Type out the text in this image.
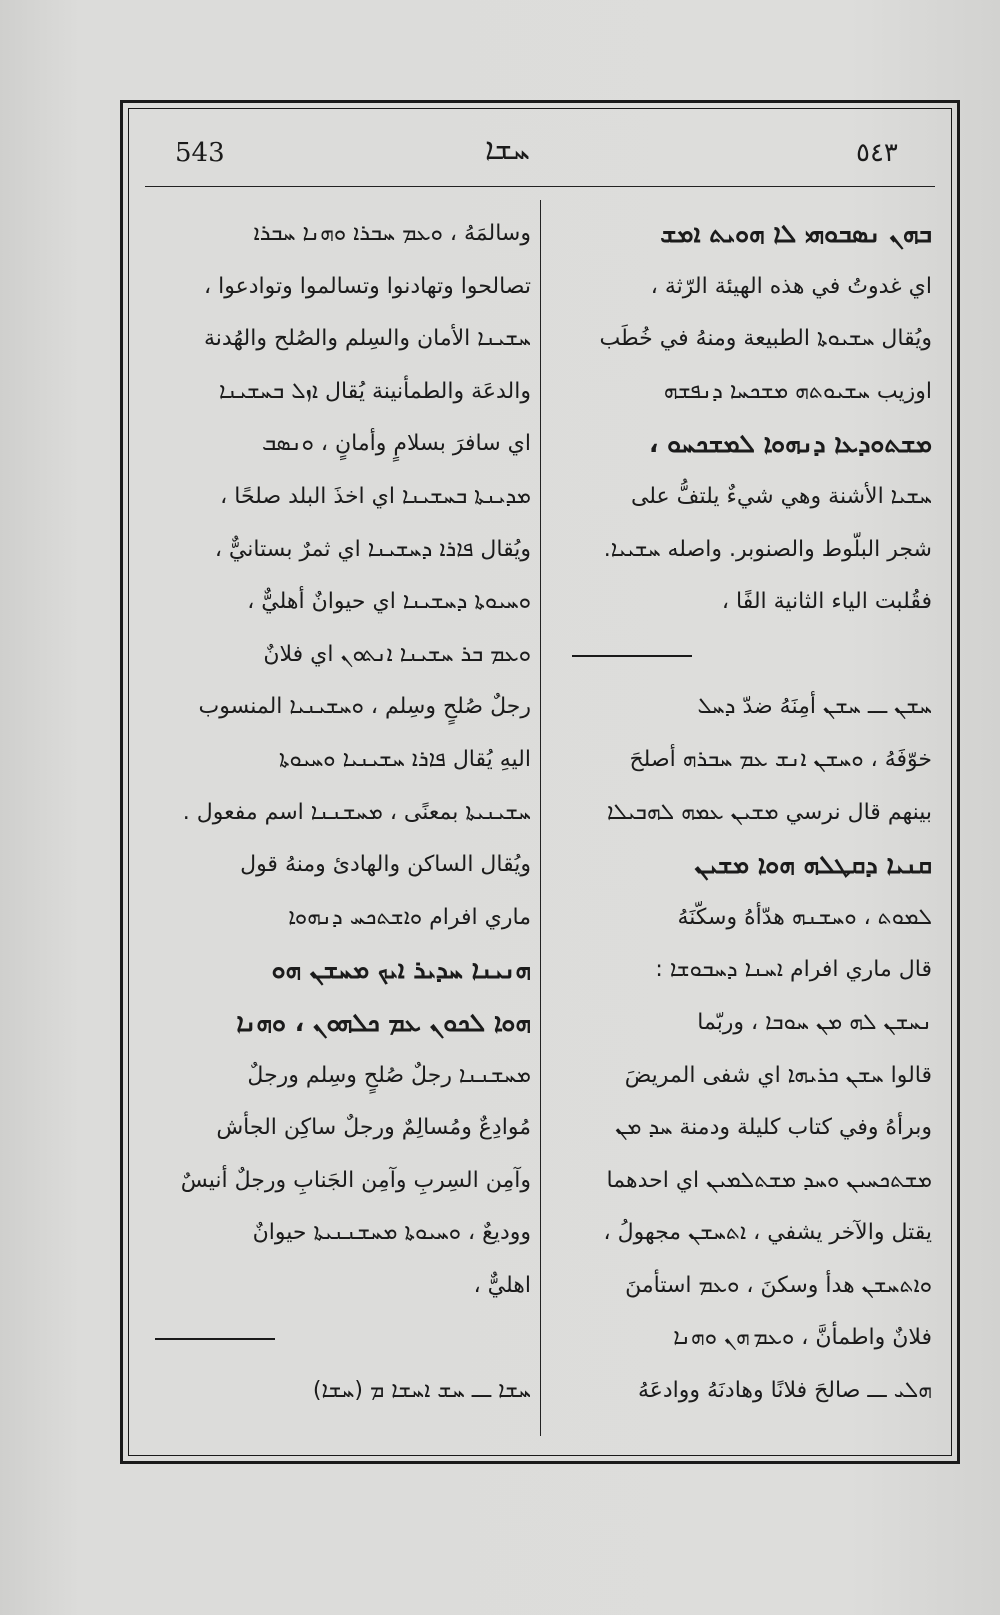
543	ܚܫܐ	٥٤٣
ܒܗܢ ܢܣܒܘܗܝ ܠܐ ܗܘܝܬ ܐܡܫ
اي غدوتُ في هذه الهيئة الرّثة ،
ويُقال ܚܫܝܘܬܐ الطبيعة ومنهُ في خُطَب
اوزيب ܚܫܝܘܬܗ ܡܫܟܚܐ ܕܢܦܫܗ
ܡܫܬܘܕܥܐ ܕܢܗܘܐ ܠܡܫܟܚܘ ،
ܚܫܝܐ الأشنة وهي شيءٌ يلتفُّ على
شجر البلّوط والصنوبر. واصله ܚܫܝܝܐ.
فقُلبت الياء الثانية الفًا ،
ܚܫܢ ـــ ܚܫܢ أمِنَهُ ضدّ ܕܚܠ
خوّفَهُ ، ܘܚܫܢ ܐܢܫ ܥܡ ܚܒܪܗ أصلحَ
بينهم قال نرسي ܡܫܝܢ ܥܡܗ ܠܗܒܝܠܐ
ܩܢܝܐ ܕܩܛܠܗ ܗܘܐ ܡܫܝܢ
ܠܡܘܬ ، ܘܚܫܢܗ هدّأهُ وسكّنَهُ
قال ماري افرام ܐܚܢܐ ܕܚܒܘܫܐ :
ܢܚܫܢ ܠܗ ܡܢ ܚܘܒܐ ، وربّما
قالوا ܚܫܢ ܟܪܝܗܐ اي شفى المريضَ
وبرأهُ وفي كتاب كليلة ودمنة ܚܕ ܡܢ
ܡܫܬܟܚܝܢ ܘܚܕ ܡܫܬܠܡܝܢ اي احدهما
يقتل والآخر يشفي ، ܐܬܚܫܢ مجهولُ ،
ܘܐܬܚܫܢ هدأ وسكنَ ، ܘܥܡ استأمنَ
فلانٌ واطمأنَّ ، ܘܥܡ ܗܢ ܘܗܢܐ
ܗܠܝ ـــ صالحَ فلانًا وهادنَهُ ووادعَهُ
وسالمَهُ ، ܘܥܡ ܚܒܪܐ ܘܗܢܐ ܚܒܪܐ
تصالحوا وتهادنوا وتسالموا وتوادعوا ،
ܚܫܝܢܐ الأمان والسِلم والصُلح والهُدنة
والدعَة والطمأنينة يُقال ܐܙܠ ܒܚܫܝܢܐ
اي سافرَ بسلامٍ وأمانٍ ، ܘܢܣܒ
ܡܕܝܢܬܐ ܒܚܫܝܢܐ اي اخذَ البلد صلحًا ،
ويُقال ܦܐܪܐ ܕܚܫܝܢܐ اي ثمرٌ بستانيٌّ ،
ܘܚܝܘܬܐ ܕܚܫܝܢܐ اي حيوانٌ أهليٌّ ،
ܘܥܡ ܒܪ ܚܫܝܢܐ ܐܢܬܘܢ اي فلانٌ
رجلٌ صُلحٍ وسِلم ، ܘܚܫܝܢܝܐ المنسوب
اليهِ يُقال ܦܐܪܐ ܚܫܝܢܝܐ ܘܚܝܘܬܐ
ܚܫܝܢܝܬܐ بمعنًى ، ܡܚܫܢܢܐ اسم مفعول .
ويُقال الساكن والهادئ ومنهُ قول
ماري افرام ܘܐܫܬܟܚ ܕܢܗܘܐ
ܗܢܝܢܐ ܚܕܝܪ ܐܝܟ ܡܚܫܢ ܗܘ
ܗܘܐ ܠܟܘܢ ܥܡ ܟܠܗܘܢ ، ܘܗܢܐ
ܡܚܫܢܢܐ رجلٌ صُلحٍ وسِلم ورجلٌ
مُوادِعٌ ومُسالِمٌ ورجلٌ ساكِن الجأش
وآمِن السِربِ وآمِن الجَنابِ ورجلٌ أنيسٌ
ووديعٌ ، ܘܚܝܘܬܐ ܡܚܫܢܢܝܬܐ حيوانٌ
اهليٌّ ،
ܚܫܐ ـــ ܚܫ ܐܚܫܐ ܡ (ܚܫܐ)
